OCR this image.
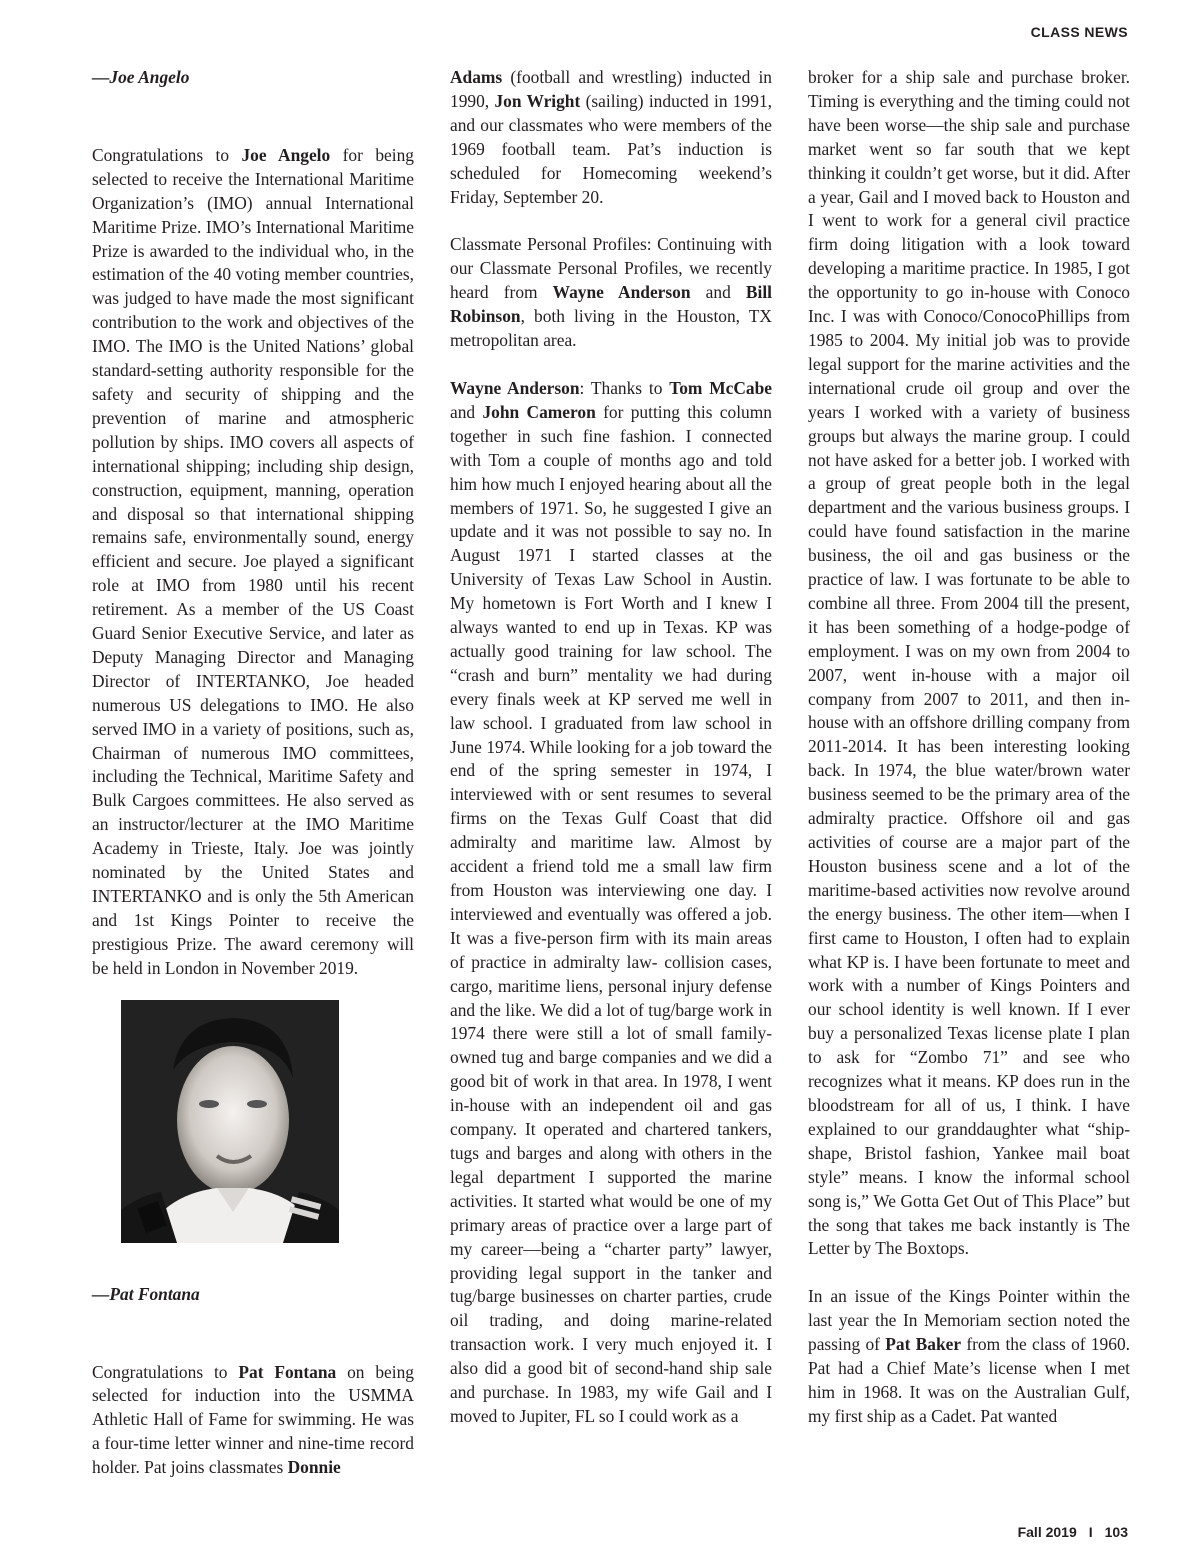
CLASS NEWS

—Joe Angelo

Congratulations to Joe Angelo for being selected to receive the International Maritime Organization’s (IMO) annual International Maritime Prize. IMO’s International Maritime Prize is awarded to the individual who, in the estimation of the 40 voting member countries, was judged to have made the most significant contribution to the work and objectives of the IMO. The IMO is the United Nations’ global standard-setting authority responsible for the safety and security of shipping and the prevention of marine and atmospheric pollution by ships. IMO covers all aspects of international shipping; including ship design, construction, equipment, manning, operation and disposal so that international shipping remains safe, environmentally sound, energy efficient and secure. Joe played a significant role at IMO from 1980 until his recent retirement. As a member of the US Coast Guard Senior Executive Service, and later as Deputy Managing Director and Managing Director of INTERTANKO, Joe headed numerous US delegations to IMO. He also served IMO in a variety of positions, such as, Chairman of numerous IMO committees, including the Technical, Maritime Safety and Bulk Cargoes committees. He also served as an instructor/lecturer at the IMO Maritime Academy in Trieste, Italy. Joe was jointly nominated by the United States and INTERTANKO and is only the 5th American and 1st Kings Pointer to receive the prestigious Prize. The award ceremony will be held in London in November 2019.

—Pat Fontana

Congratulations to Pat Fontana on being selected for induction into the USMMA Athletic Hall of Fame for swimming. He was a four-time letter winner and nine-time record holder. Pat joins classmates Donnie

Adams (football and wrestling) inducted in 1990, Jon Wright (sailing) inducted in 1991, and our classmates who were members of the 1969 football team. Pat’s induction is scheduled for Homecoming weekend’s Friday, September 20.

Classmate Personal Profiles: Continuing with our Classmate Personal Profiles, we recently heard from Wayne Anderson and Bill Robinson, both living in the Houston, TX metropolitan area.

Wayne Anderson: Thanks to Tom McCabe and John Cameron for putting this column together in such fine fashion. I connected with Tom a couple of months ago and told him how much I enjoyed hearing about all the members of 1971. So, he suggested I give an update and it was not possible to say no. In August 1971 I started classes at the University of Texas Law School in Austin. My hometown is Fort Worth and I knew I always wanted to end up in Texas. KP was actually good training for law school. The “crash and burn” mentality we had during every finals week at KP served me well in law school. I graduated from law school in June 1974. While looking for a job toward the end of the spring semester in 1974, I interviewed with or sent resumes to several firms on the Texas Gulf Coast that did admiralty and maritime law. Almost by accident a friend told me a small law firm from Houston was interviewing one day. I interviewed and eventually was offered a job. It was a five-person firm with its main areas of practice in admiralty law- collision cases, cargo, maritime liens, personal injury defense and the like. We did a lot of tug/barge work in 1974 there were still a lot of small family-owned tug and barge companies and we did a good bit of work in that area. In 1978, I went in-house with an independent oil and gas company. It operated and chartered tankers, tugs and barges and along with others in the legal department I supported the marine activities. It started what would be one of my primary areas of practice over a large part of my career—being a “charter party” lawyer, providing legal support in the tanker and tug/barge businesses on charter parties, crude oil trading, and doing marine-related transaction work. I very much enjoyed it. I also did a good bit of second-hand ship sale and purchase. In 1983, my wife Gail and I moved to Jupiter, FL so I could work as a

broker for a ship sale and purchase broker. Timing is everything and the timing could not have been worse—the ship sale and purchase market went so far south that we kept thinking it couldn’t get worse, but it did. After a year, Gail and I moved back to Houston and I went to work for a general civil practice firm doing litigation with a look toward developing a maritime practice. In 1985, I got the opportunity to go in-house with Conoco Inc. I was with Conoco/ConocoPhillips from 1985 to 2004. My initial job was to provide legal support for the marine activities and the international crude oil group and over the years I worked with a variety of business groups but always the marine group. I could not have asked for a better job. I worked with a group of great people both in the legal department and the various business groups. I could have found satisfaction in the marine business, the oil and gas business or the practice of law. I was fortunate to be able to combine all three. From 2004 till the present, it has been something of a hodge-podge of employment. I was on my own from 2004 to 2007, went in-house with a major oil company from 2007 to 2011, and then in-house with an offshore drilling company from 2011-2014. It has been interesting looking back. In 1974, the blue water/brown water business seemed to be the primary area of the admiralty practice. Offshore oil and gas activities of course are a major part of the Houston business scene and a lot of the maritime-based activities now revolve around the energy business. The other item—when I first came to Houston, I often had to explain what KP is. I have been fortunate to meet and work with a number of Kings Pointers and our school identity is well known. If I ever buy a personalized Texas license plate I plan to ask for “Zombo 71” and see who recognizes what it means. KP does run in the bloodstream for all of us, I think. I have explained to our granddaughter what “ship-shape, Bristol fashion, Yankee mail boat style” means. I know the informal school song is,” We Gotta Get Out of This Place” but the song that takes me back instantly is The Letter by The Boxtops.

In an issue of the Kings Pointer within the last year the In Memoriam section noted the passing of Pat Baker from the class of 1960. Pat had a Chief Mate’s license when I met him in 1968. It was on the Australian Gulf, my first ship as a Cadet. Pat wanted

Fall 2019 I 103
